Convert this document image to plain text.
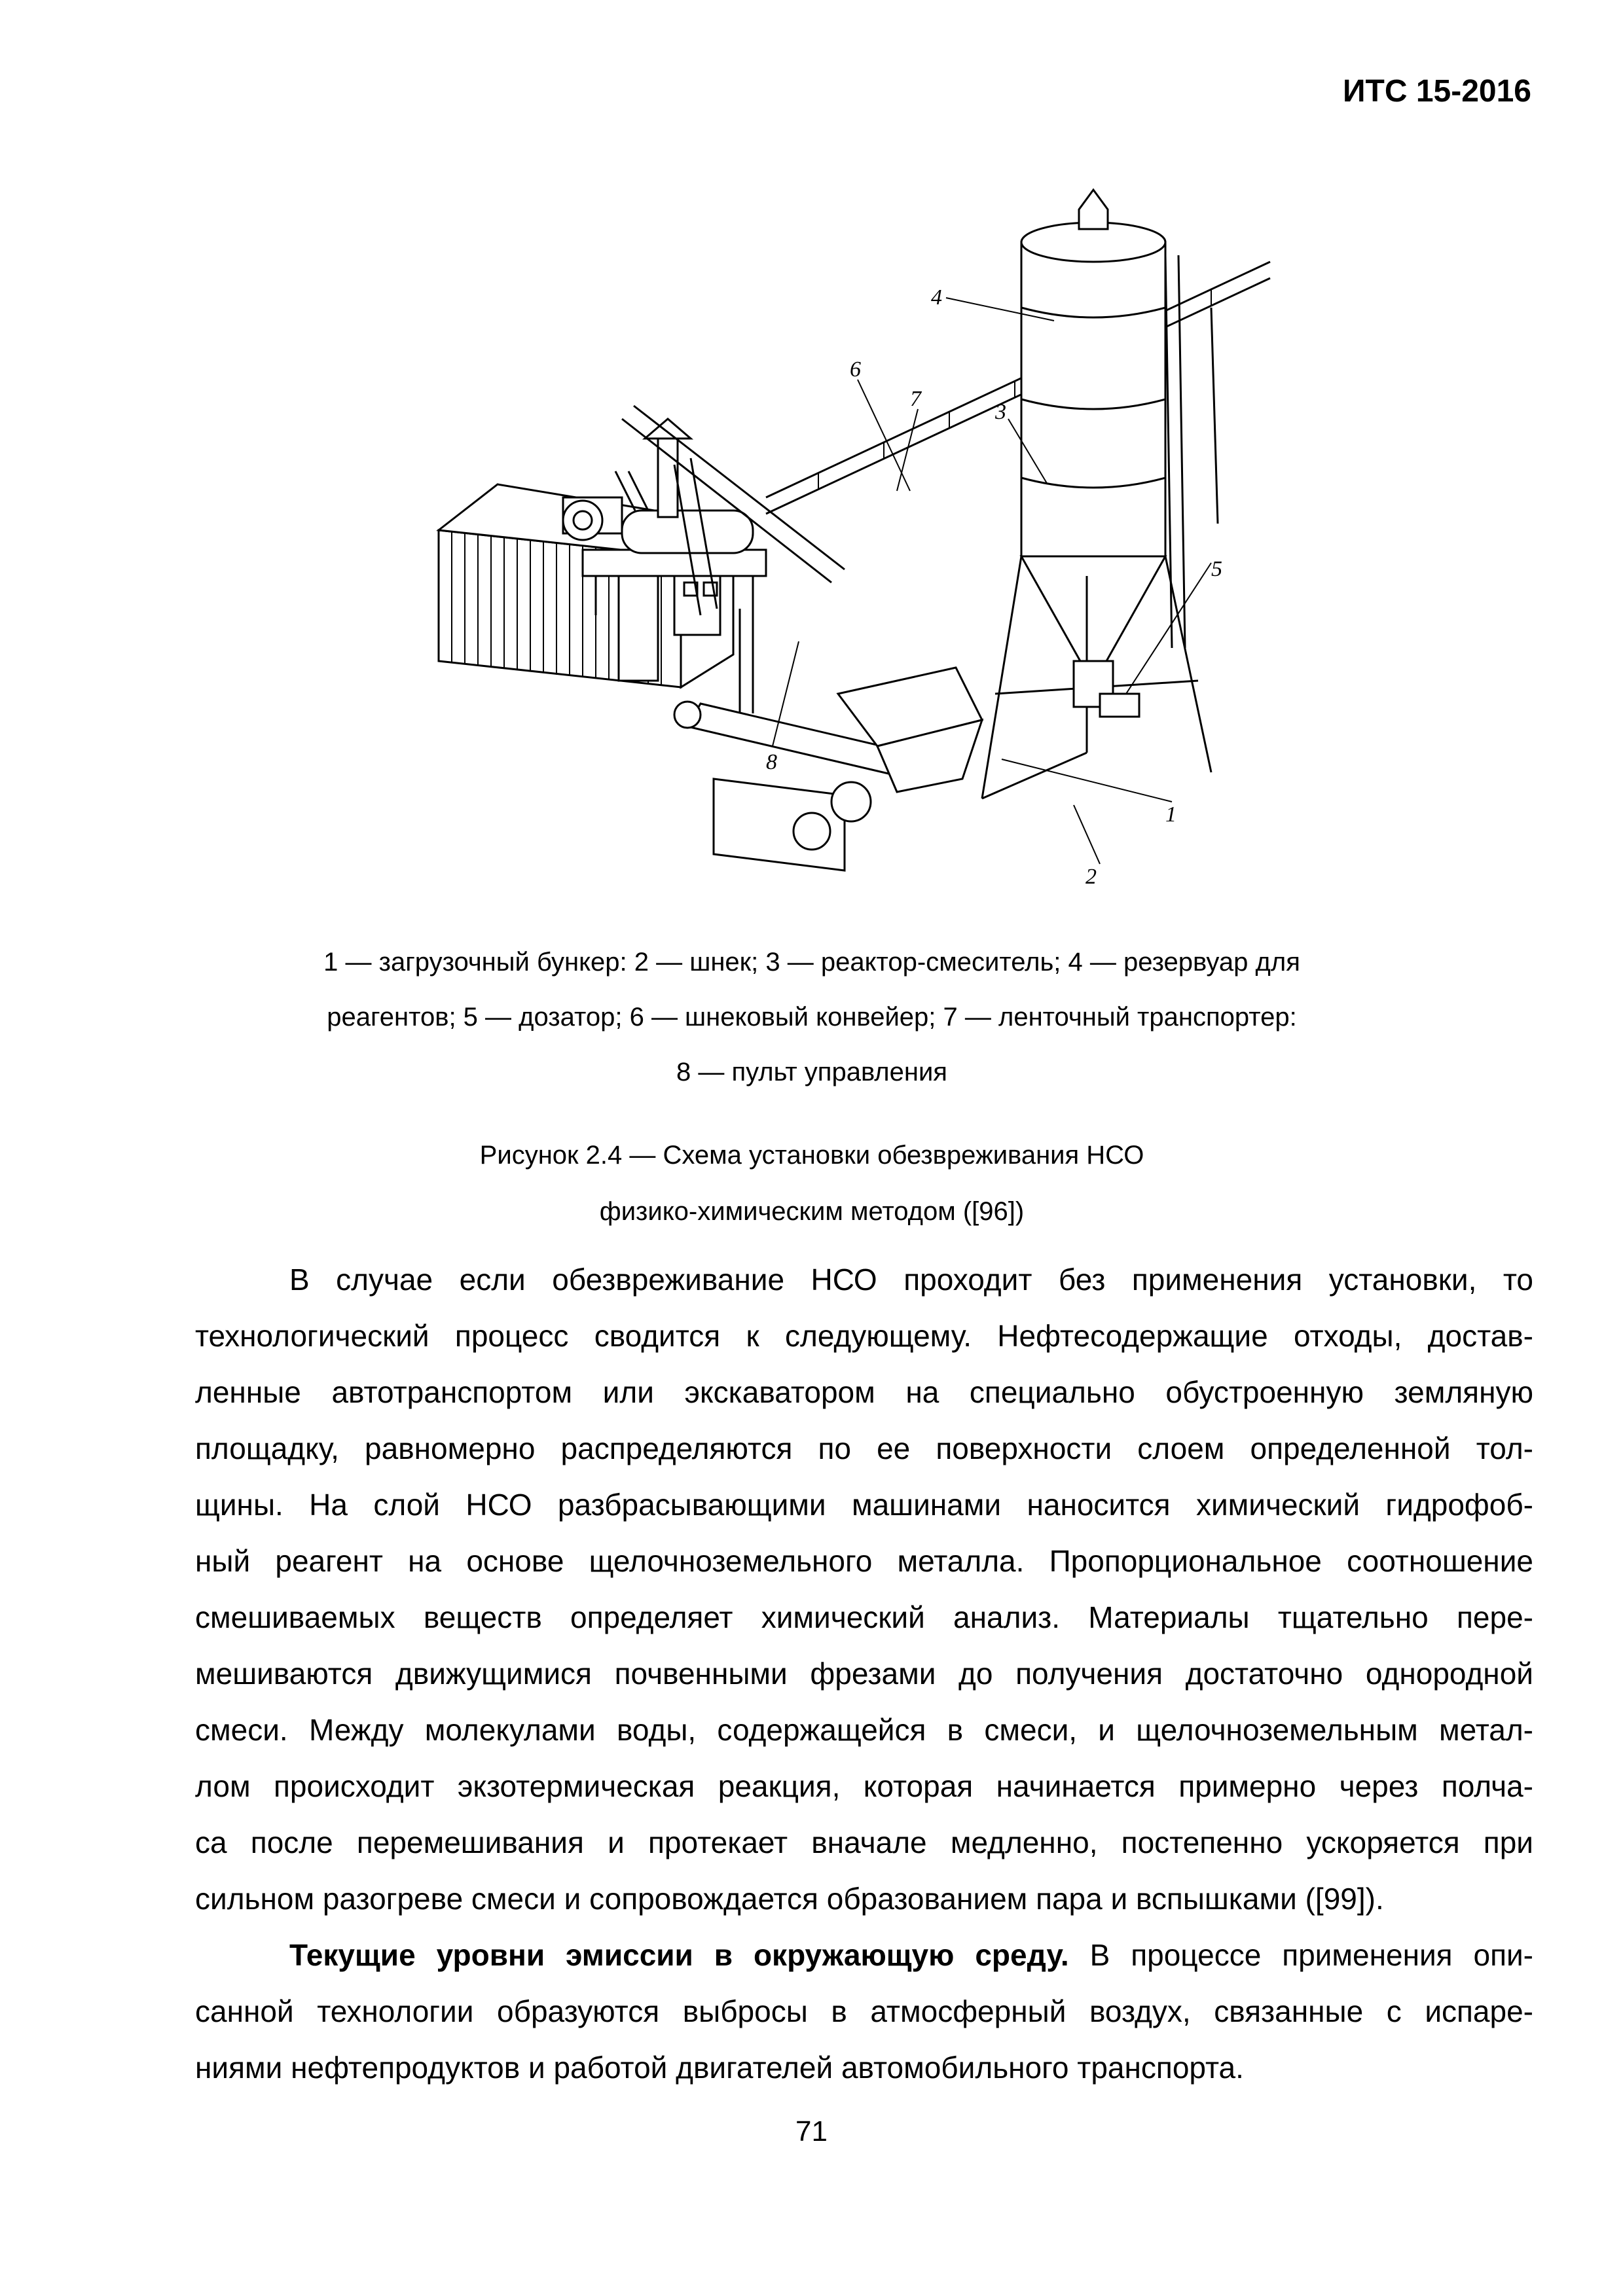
ИТС 15-2016
2
1
3
4
5
6
7
8
1 — загрузочный бункер: 2 — шнек; 3 — реактор-смеситель; 4 — резервуар для
реагентов; 5 — дозатор; 6 — шнековый конвейер; 7 — ленточный транспортер:
8 — пульт управления
Рисунок 2.4 — Схема установки обезвреживания НСО
физико-химическим методом ([96])
В случае если обезвреживание НСО проходит без применения установки, то
технологический процесс сводится к следующему. Нефтесодержащие отходы, достав-
ленные автотранспортом или экскаватором на специально обустроенную земляную
площадку, равномерно распределяются по ее поверхности слоем определенной тол-
щины. На слой НСО разбрасывающими машинами наносится химический гидрофоб-
ный реагент на основе щелочноземельного металла. Пропорциональное соотношение
смешиваемых веществ определяет химический анализ. Материалы тщательно пере-
мешиваются движущимися почвенными фрезами до получения достаточно однородной
смеси. Между молекулами воды, содержащейся в смеси, и щелочноземельным метал-
лом происходит экзотермическая реакция, которая начинается примерно через полча-
са после перемешивания и протекает вначале медленно, постепенно ускоряется при
сильном разогреве смеси и сопровождается образованием пара и вспышками ([99]).
Текущие уровни эмиссии в окружающую среду. В процессе применения опи-
санной технологии образуются выбросы в атмосферный воздух, связанные с испаре-
ниями нефтепродуктов и работой двигателей автомобильного транспорта.
71
